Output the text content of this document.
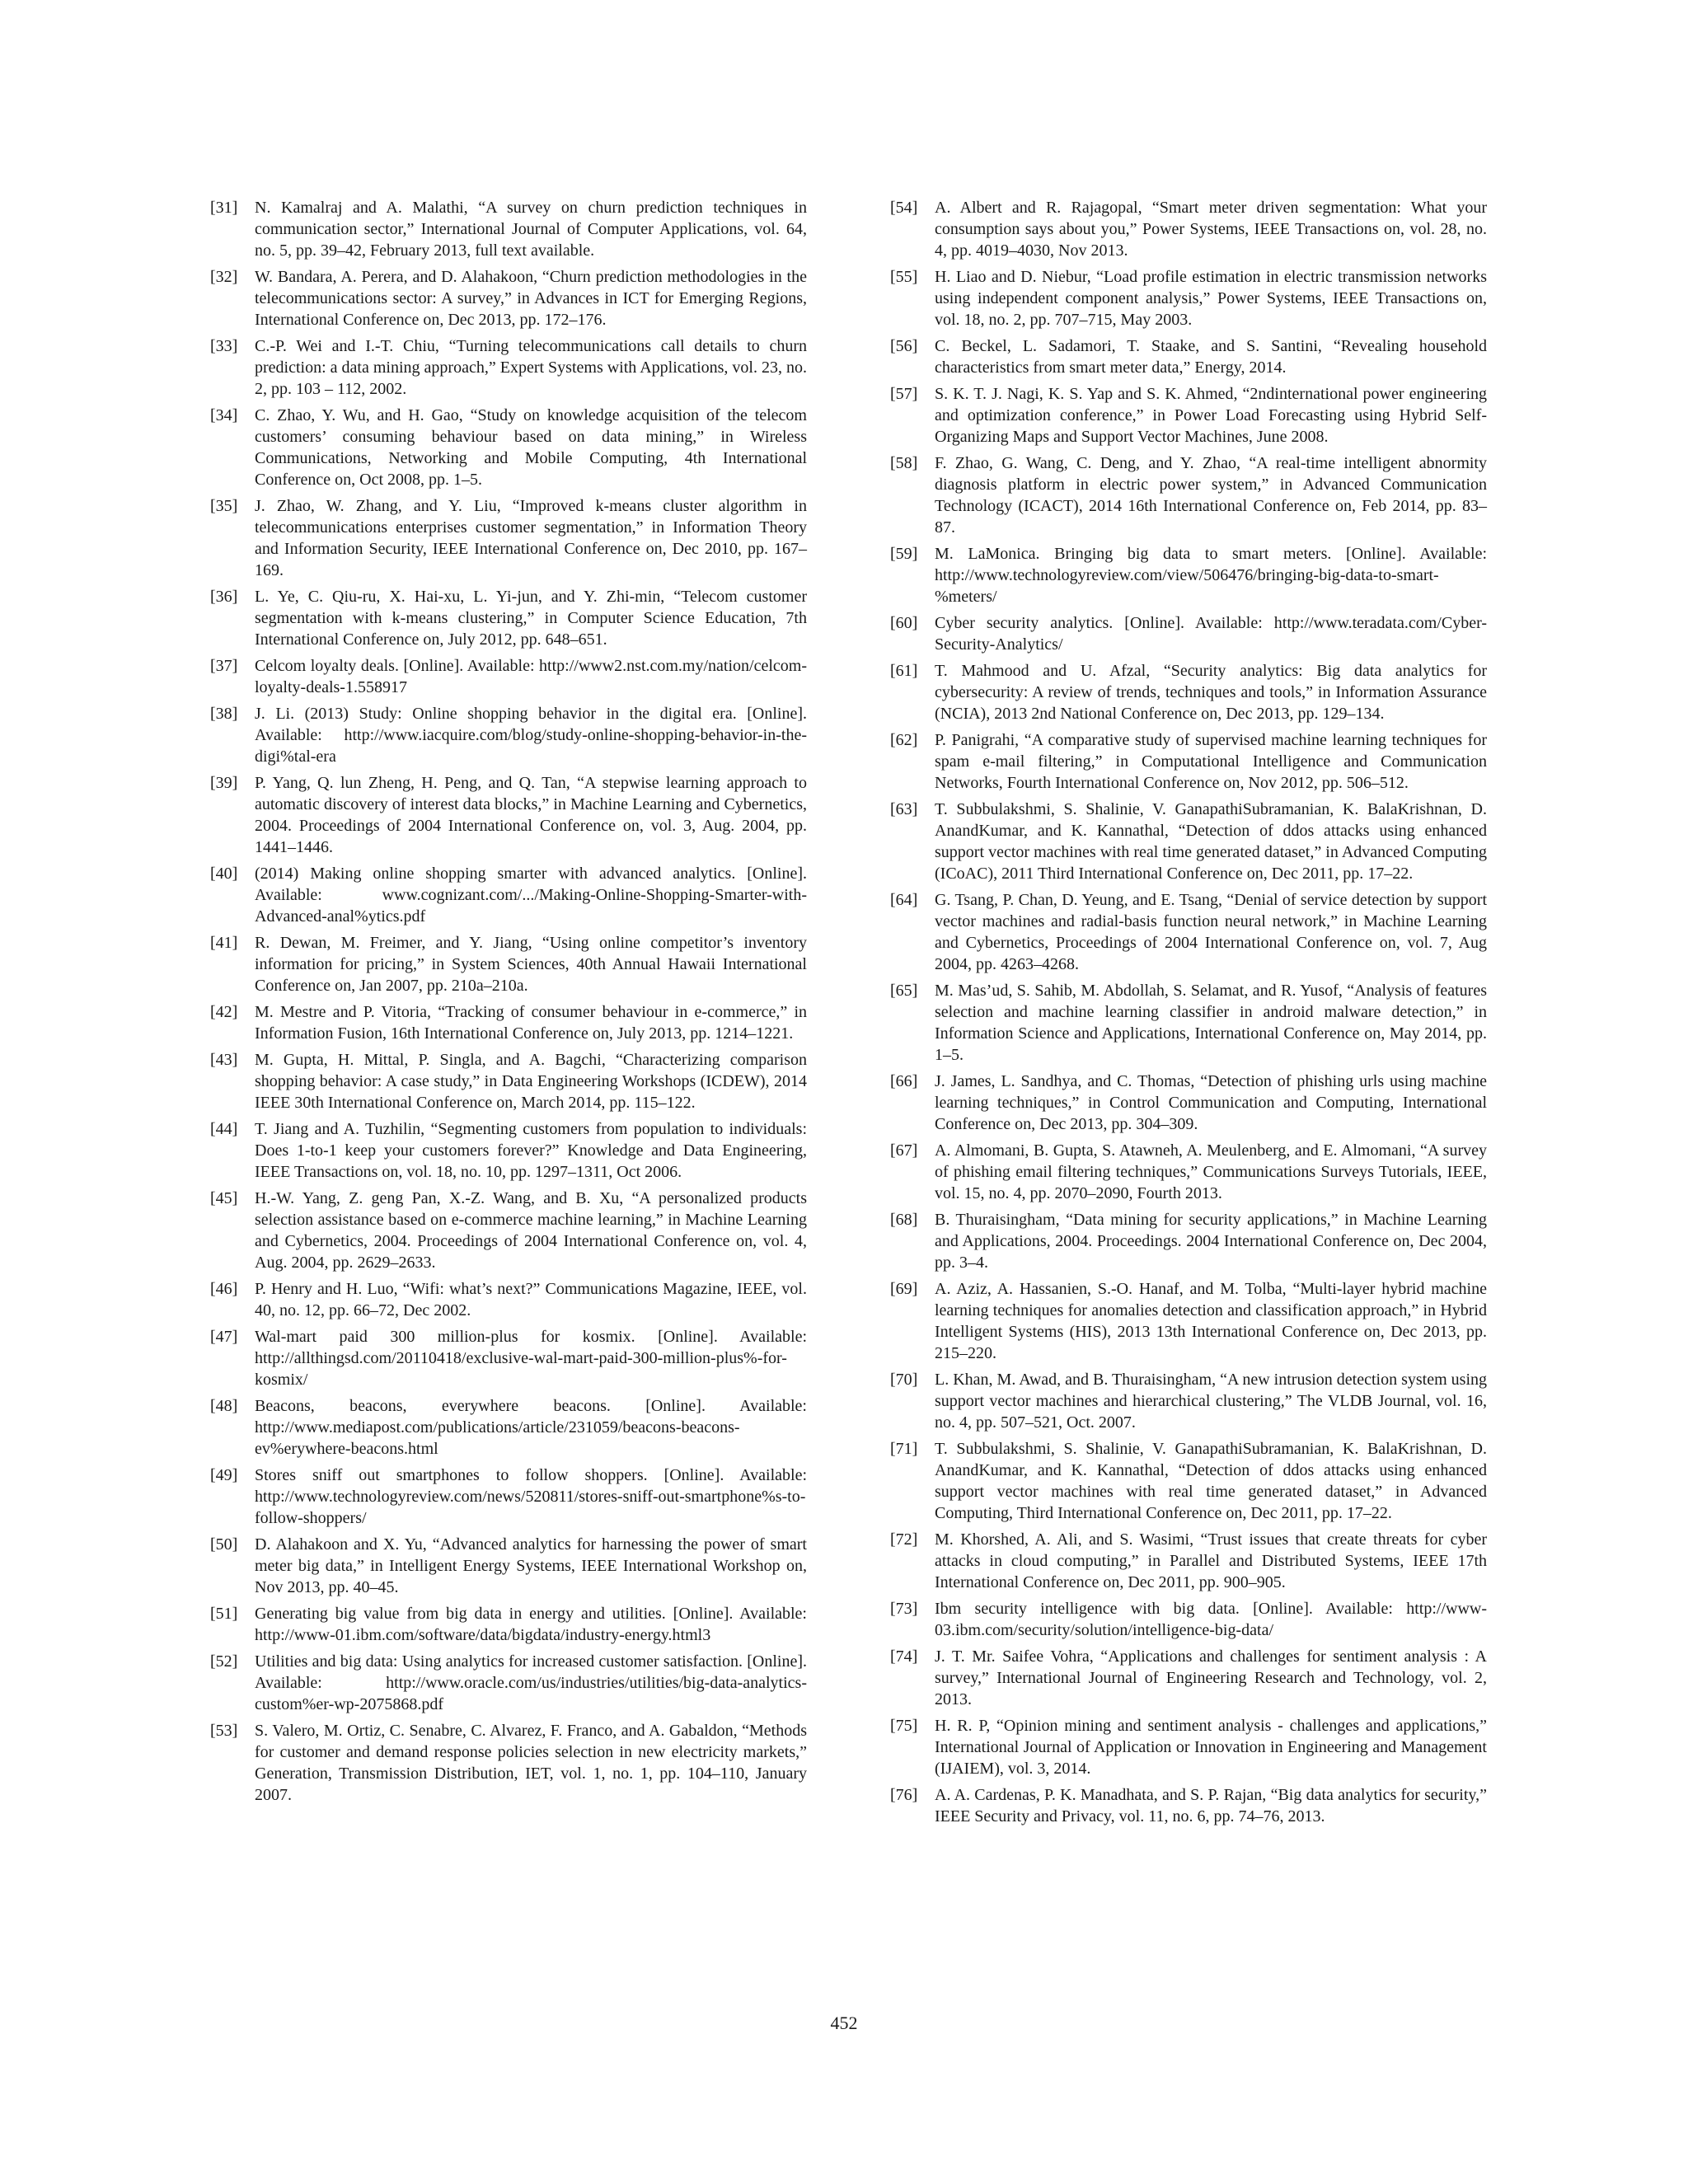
[31]	N. Kamalraj and A. Malathi, “A survey on churn prediction techniques in communication sector,” International Journal of Computer Applications, vol. 64, no. 5, pp. 39–42, February 2013, full text available.
[32]	W. Bandara, A. Perera, and D. Alahakoon, “Churn prediction methodologies in the telecommunications sector: A survey,” in Advances in ICT for Emerging Regions, International Conference on, Dec 2013, pp. 172–176.
[33]	C.-P. Wei and I.-T. Chiu, “Turning telecommunications call details to churn prediction: a data mining approach,” Expert Systems with Applications, vol. 23, no. 2, pp. 103 – 112, 2002.
[34]	C. Zhao, Y. Wu, and H. Gao, “Study on knowledge acquisition of the telecom customers’ consuming behaviour based on data mining,” in Wireless Communications, Networking and Mobile Computing, 4th International Conference on, Oct 2008, pp. 1–5.
[35]	J. Zhao, W. Zhang, and Y. Liu, “Improved k-means cluster algorithm in telecommunications enterprises customer segmentation,” in Information Theory and Information Security, IEEE International Conference on, Dec 2010, pp. 167–169.
[36]	L. Ye, C. Qiu-ru, X. Hai-xu, L. Yi-jun, and Y. Zhi-min, “Telecom customer segmentation with k-means clustering,” in Computer Science Education, 7th International Conference on, July 2012, pp. 648–651.
[37]	Celcom loyalty deals. [Online]. Available: http://www2.nst.com.my/nation/celcom-loyalty-deals-1.558917
[38]	J. Li. (2013) Study: Online shopping behavior in the digital era. [Online]. Available: http://www.iacquire.com/blog/study-online-shopping-behavior-in-the-digi%tal-era
[39]	P. Yang, Q. lun Zheng, H. Peng, and Q. Tan, “A stepwise learning approach to automatic discovery of interest data blocks,” in Machine Learning and Cybernetics, 2004. Proceedings of 2004 International Conference on, vol. 3, Aug. 2004, pp. 1441–1446.
[40]	(2014) Making online shopping smarter with advanced analytics. [Online]. Available: www.cognizant.com/.../Making-Online-Shopping-Smarter-with-Advanced-anal%ytics.pdf
[41]	R. Dewan, M. Freimer, and Y. Jiang, “Using online competitor’s inventory information for pricing,” in System Sciences, 40th Annual Hawaii International Conference on, Jan 2007, pp. 210a–210a.
[42]	M. Mestre and P. Vitoria, “Tracking of consumer behaviour in e-commerce,” in Information Fusion, 16th International Conference on, July 2013, pp. 1214–1221.
[43]	M. Gupta, H. Mittal, P. Singla, and A. Bagchi, “Characterizing comparison shopping behavior: A case study,” in Data Engineering Workshops (ICDEW), 2014 IEEE 30th International Conference on, March 2014, pp. 115–122.
[44]	T. Jiang and A. Tuzhilin, “Segmenting customers from population to individuals: Does 1-to-1 keep your customers forever?” Knowledge and Data Engineering, IEEE Transactions on, vol. 18, no. 10, pp. 1297–1311, Oct 2006.
[45]	H.-W. Yang, Z. geng Pan, X.-Z. Wang, and B. Xu, “A personalized products selection assistance based on e-commerce machine learning,” in Machine Learning and Cybernetics, 2004. Proceedings of 2004 International Conference on, vol. 4, Aug. 2004, pp. 2629–2633.
[46]	P. Henry and H. Luo, “Wifi: what’s next?” Communications Magazine, IEEE, vol. 40, no. 12, pp. 66–72, Dec 2002.
[47]	Wal-mart paid 300 million-plus for kosmix. [Online]. Available: http://allthingsd.com/20110418/exclusive-wal-mart-paid-300-million-plus%-for-kosmix/
[48]	Beacons, beacons, everywhere beacons. [Online]. Available: http://www.mediapost.com/publications/article/231059/beacons-beacons-ev%erywhere-beacons.html
[49]	Stores sniff out smartphones to follow shoppers. [Online]. Available: http://www.technologyreview.com/news/520811/stores-sniff-out-smartphone%s-to-follow-shoppers/
[50]	D. Alahakoon and X. Yu, “Advanced analytics for harnessing the power of smart meter big data,” in Intelligent Energy Systems, IEEE International Workshop on, Nov 2013, pp. 40–45.
[51]	Generating big value from big data in energy and utilities. [Online]. Available: http://www-01.ibm.com/software/data/bigdata/industry-energy.html3
[52]	Utilities and big data: Using analytics for increased customer satisfaction. [Online]. Available: http://www.oracle.com/us/industries/utilities/big-data-analytics-custom%er-wp-2075868.pdf
[53]	S. Valero, M. Ortiz, C. Senabre, C. Alvarez, F. Franco, and A. Gabaldon, “Methods for customer and demand response policies selection in new electricity markets,” Generation, Transmission Distribution, IET, vol. 1, no. 1, pp. 104–110, January 2007.
[54]	A. Albert and R. Rajagopal, “Smart meter driven segmentation: What your consumption says about you,” Power Systems, IEEE Transactions on, vol. 28, no. 4, pp. 4019–4030, Nov 2013.
[55]	H. Liao and D. Niebur, “Load profile estimation in electric transmission networks using independent component analysis,” Power Systems, IEEE Transactions on, vol. 18, no. 2, pp. 707–715, May 2003.
[56]	C. Beckel, L. Sadamori, T. Staake, and S. Santini, “Revealing household characteristics from smart meter data,” Energy, 2014.
[57]	S. K. T. J. Nagi, K. S. Yap and S. K. Ahmed, “2ndinternational power engineering and optimization conference,” in Power Load Forecasting using Hybrid Self-Organizing Maps and Support Vector Machines, June 2008.
[58]	F. Zhao, G. Wang, C. Deng, and Y. Zhao, “A real-time intelligent abnormity diagnosis platform in electric power system,” in Advanced Communication Technology (ICACT), 2014 16th International Conference on, Feb 2014, pp. 83–87.
[59]	M. LaMonica. Bringing big data to smart meters. [Online]. Available: http://www.technologyreview.com/view/506476/bringing-big-data-to-smart-%meters/
[60]	Cyber security analytics. [Online]. Available: http://www.teradata.com/Cyber-Security-Analytics/
[61]	T. Mahmood and U. Afzal, “Security analytics: Big data analytics for cybersecurity: A review of trends, techniques and tools,” in Information Assurance (NCIA), 2013 2nd National Conference on, Dec 2013, pp. 129–134.
[62]	P. Panigrahi, “A comparative study of supervised machine learning techniques for spam e-mail filtering,” in Computational Intelligence and Communication Networks, Fourth International Conference on, Nov 2012, pp. 506–512.
[63]	T. Subbulakshmi, S. Shalinie, V. GanapathiSubramanian, K. BalaKrishnan, D. AnandKumar, and K. Kannathal, “Detection of ddos attacks using enhanced support vector machines with real time generated dataset,” in Advanced Computing (ICoAC), 2011 Third International Conference on, Dec 2011, pp. 17–22.
[64]	G. Tsang, P. Chan, D. Yeung, and E. Tsang, “Denial of service detection by support vector machines and radial-basis function neural network,” in Machine Learning and Cybernetics, Proceedings of 2004 International Conference on, vol. 7, Aug 2004, pp. 4263–4268.
[65]	M. Mas’ud, S. Sahib, M. Abdollah, S. Selamat, and R. Yusof, “Analysis of features selection and machine learning classifier in android malware detection,” in Information Science and Applications, International Conference on, May 2014, pp. 1–5.
[66]	J. James, L. Sandhya, and C. Thomas, “Detection of phishing urls using machine learning techniques,” in Control Communication and Computing, International Conference on, Dec 2013, pp. 304–309.
[67]	A. Almomani, B. Gupta, S. Atawneh, A. Meulenberg, and E. Almomani, “A survey of phishing email filtering techniques,” Communications Surveys Tutorials, IEEE, vol. 15, no. 4, pp. 2070–2090, Fourth 2013.
[68]	B. Thuraisingham, “Data mining for security applications,” in Machine Learning and Applications, 2004. Proceedings. 2004 International Conference on, Dec 2004, pp. 3–4.
[69]	A. Aziz, A. Hassanien, S.-O. Hanaf, and M. Tolba, “Multi-layer hybrid machine learning techniques for anomalies detection and classification approach,” in Hybrid Intelligent Systems (HIS), 2013 13th International Conference on, Dec 2013, pp. 215–220.
[70]	L. Khan, M. Awad, and B. Thuraisingham, “A new intrusion detection system using support vector machines and hierarchical clustering,” The VLDB Journal, vol. 16, no. 4, pp. 507–521, Oct. 2007.
[71]	T. Subbulakshmi, S. Shalinie, V. GanapathiSubramanian, K. BalaKrishnan, D. AnandKumar, and K. Kannathal, “Detection of ddos attacks using enhanced support vector machines with real time generated dataset,” in Advanced Computing, Third International Conference on, Dec 2011, pp. 17–22.
[72]	M. Khorshed, A. Ali, and S. Wasimi, “Trust issues that create threats for cyber attacks in cloud computing,” in Parallel and Distributed Systems, IEEE 17th International Conference on, Dec 2011, pp. 900–905.
[73]	Ibm security intelligence with big data. [Online]. Available: http://www-03.ibm.com/security/solution/intelligence-big-data/
[74]	J. T. Mr. Saifee Vohra, “Applications and challenges for sentiment analysis : A survey,” International Journal of Engineering Research and Technology, vol. 2, 2013.
[75]	H. R. P, “Opinion mining and sentiment analysis - challenges and applications,” International Journal of Application or Innovation in Engineering and Management (IJAIEM), vol. 3, 2014.
[76]	A. A. Cardenas, P. K. Manadhata, and S. P. Rajan, “Big data analytics for security,” IEEE Security and Privacy, vol. 11, no. 6, pp. 74–76, 2013.
452
